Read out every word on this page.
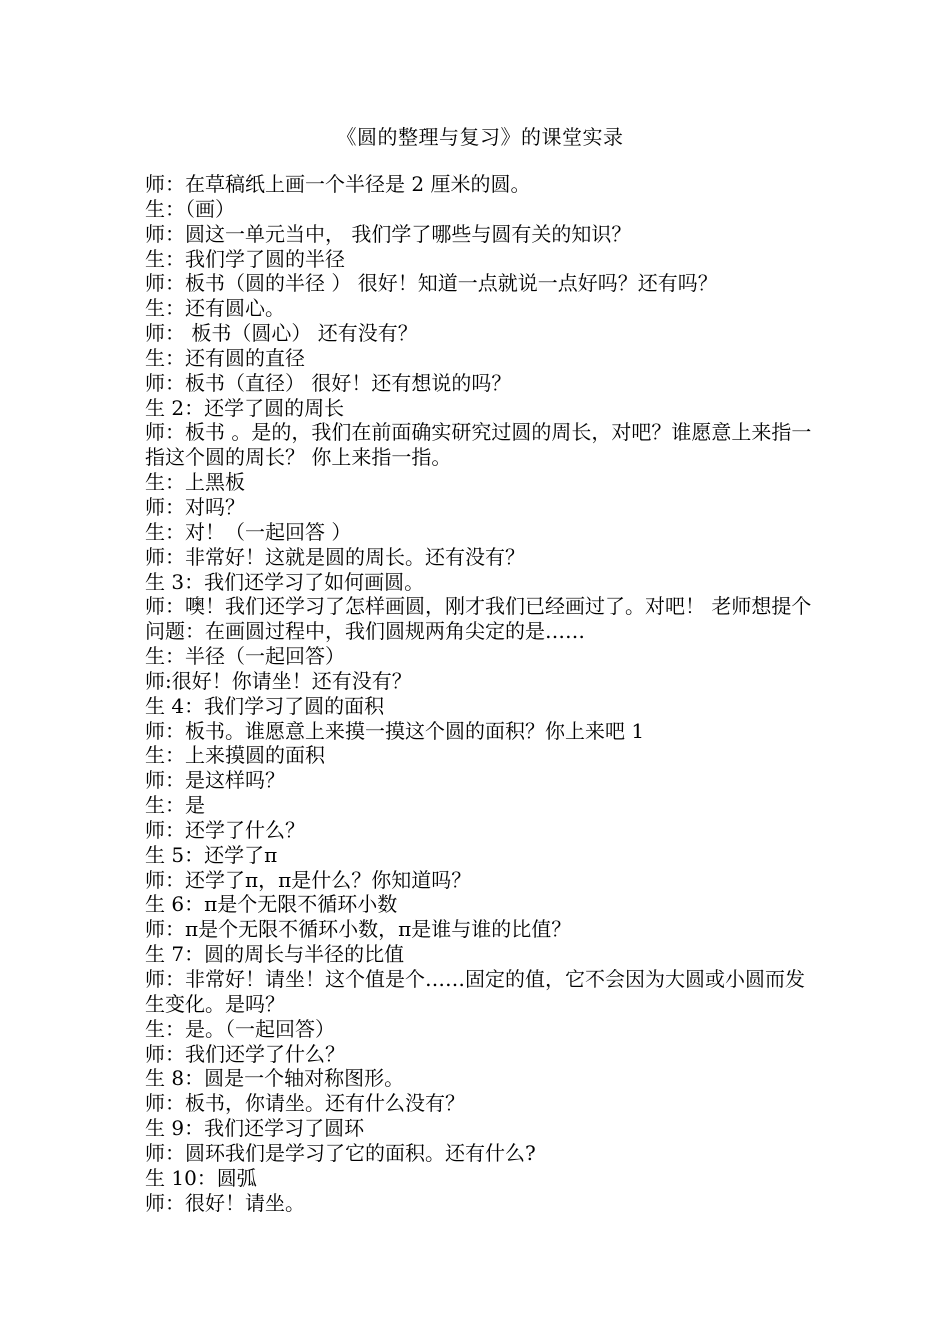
《圆的整理与复习》的课堂实录
师：在草稿纸上画一个半径是 2 厘米的圆。
生：（画）
师：圆这一单元当中， 我们学了哪些与圆有关的知识？
生：我们学了圆的半径
师：板书（圆的半径 ） 很好！知道一点就说一点好吗？还有吗？
生：还有圆心。
师： 板书（圆心） 还有没有？
生：还有圆的直径
师：板书（直径） 很好！还有想说的吗？
生 2：还学了圆的周长
师：板书 。是的，我们在前面确实研究过圆的周长，对吧？谁愿意上来指一指这个圆的周长？ 你上来指一指。
生：上黑板
师：对吗？
生：对！（一起回答 ）
师：非常好！这就是圆的周长。还有没有？
生 3：我们还学习了如何画圆。
师：噢！我们还学习了怎样画圆，刚才我们已经画过了。对吧！ 老师想提个问题：在画圆过程中，我们圆规两角尖定的是……
生：半径（一起回答）
师:很好！你请坐！还有没有？
生 4：我们学习了圆的面积
师：板书。谁愿意上来摸一摸这个圆的面积？你上来吧 1
生：上来摸圆的面积
师：是这样吗？
生：是
师：还学了什么？
生 5：还学了π
师：还学了π，π是什么？你知道吗？
生 6：π是个无限不循环小数
师：π是个无限不循环小数，π是谁与谁的比值？
生 7：圆的周长与半径的比值
师：非常好！请坐！这个值是个……固定的值，它不会因为大圆或小圆而发生变化。是吗？
生：是。（一起回答）
师：我们还学了什么？
生 8：圆是一个轴对称图形。
师：板书，你请坐。还有什么没有？
生 9：我们还学习了圆环
师：圆环我们是学习了它的面积。还有什么?
生 10：圆弧
师：很好！请坐。
